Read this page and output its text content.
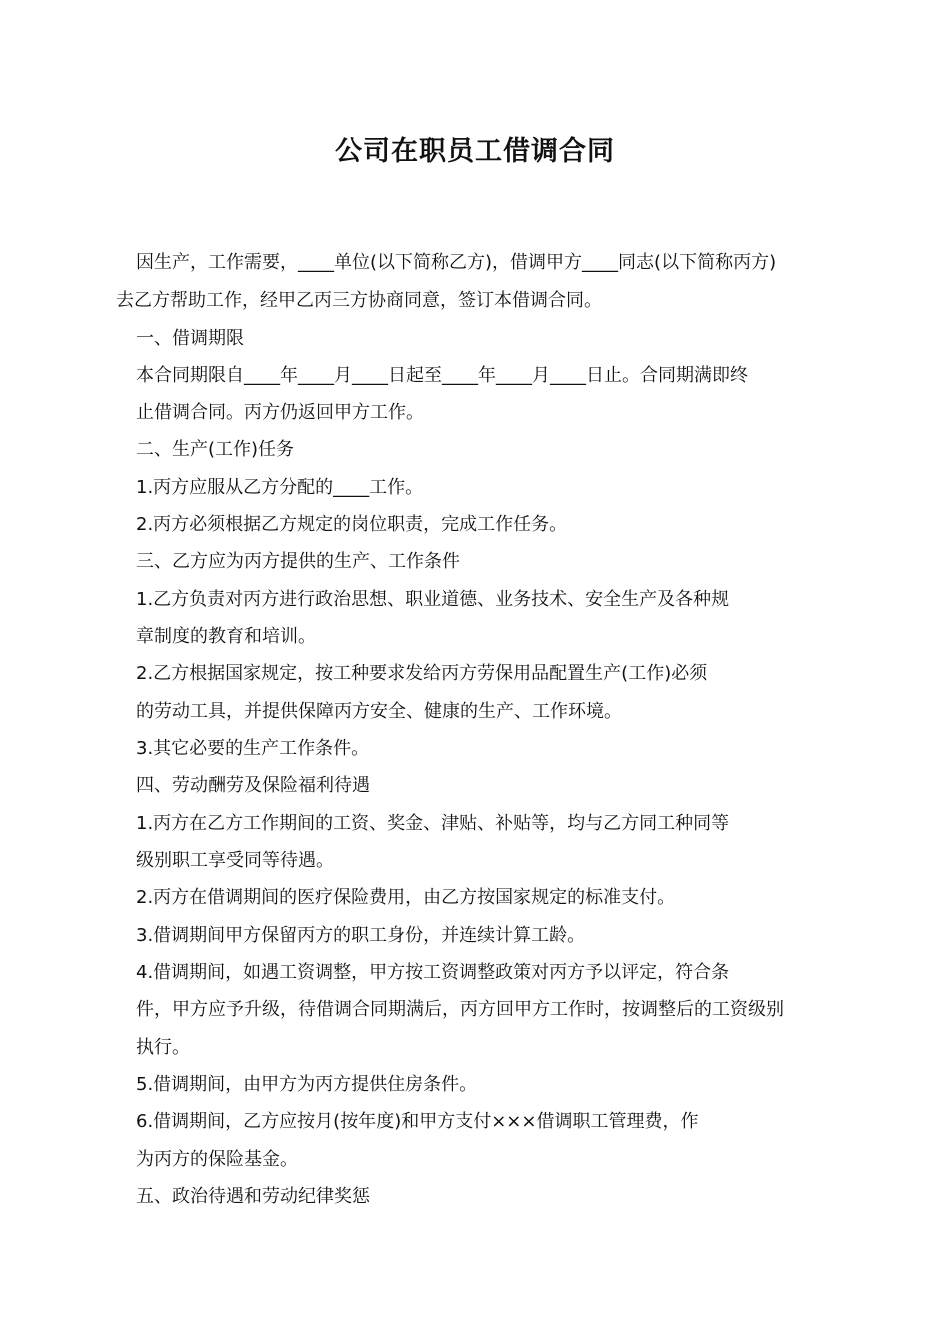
公司在职员工借调合同

因生产，工作需要，____单位(以下简称乙方)，借调甲方____同志(以下简称丙方)

去乙方帮助工作，经甲乙丙三方协商同意，签订本借调合同。

一、借调期限

本合同期限自____年____月____日起至____年____月____日止。合同期满即终

止借调合同。丙方仍返回甲方工作。

二、生产(工作)任务

1.丙方应服从乙方分配的____工作。

2.丙方必须根据乙方规定的岗位职责，完成工作任务。

三、乙方应为丙方提供的生产、工作条件

1.乙方负责对丙方进行政治思想、职业道德、业务技术、安全生产及各种规

章制度的教育和培训。

2.乙方根据国家规定，按工种要求发给丙方劳保用品配置生产(工作)必须

的劳动工具，并提供保障丙方安全、健康的生产、工作环境。

3.其它必要的生产工作条件。

四、劳动酬劳及保险福利待遇

1.丙方在乙方工作期间的工资、奖金、津贴、补贴等，均与乙方同工种同等

级别职工享受同等待遇。

2.丙方在借调期间的医疗保险费用，由乙方按国家规定的标准支付。

3.借调期间甲方保留丙方的职工身份，并连续计算工龄。

4.借调期间，如遇工资调整，甲方按工资调整政策对丙方予以评定，符合条

件，甲方应予升级，待借调合同期满后，丙方回甲方工作时，按调整后的工资级别

执行。

5.借调期间，由甲方为丙方提供住房条件。

6.借调期间，乙方应按月(按年度)和甲方支付×××借调职工管理费，作

为丙方的保险基金。

五、政治待遇和劳动纪律奖惩
